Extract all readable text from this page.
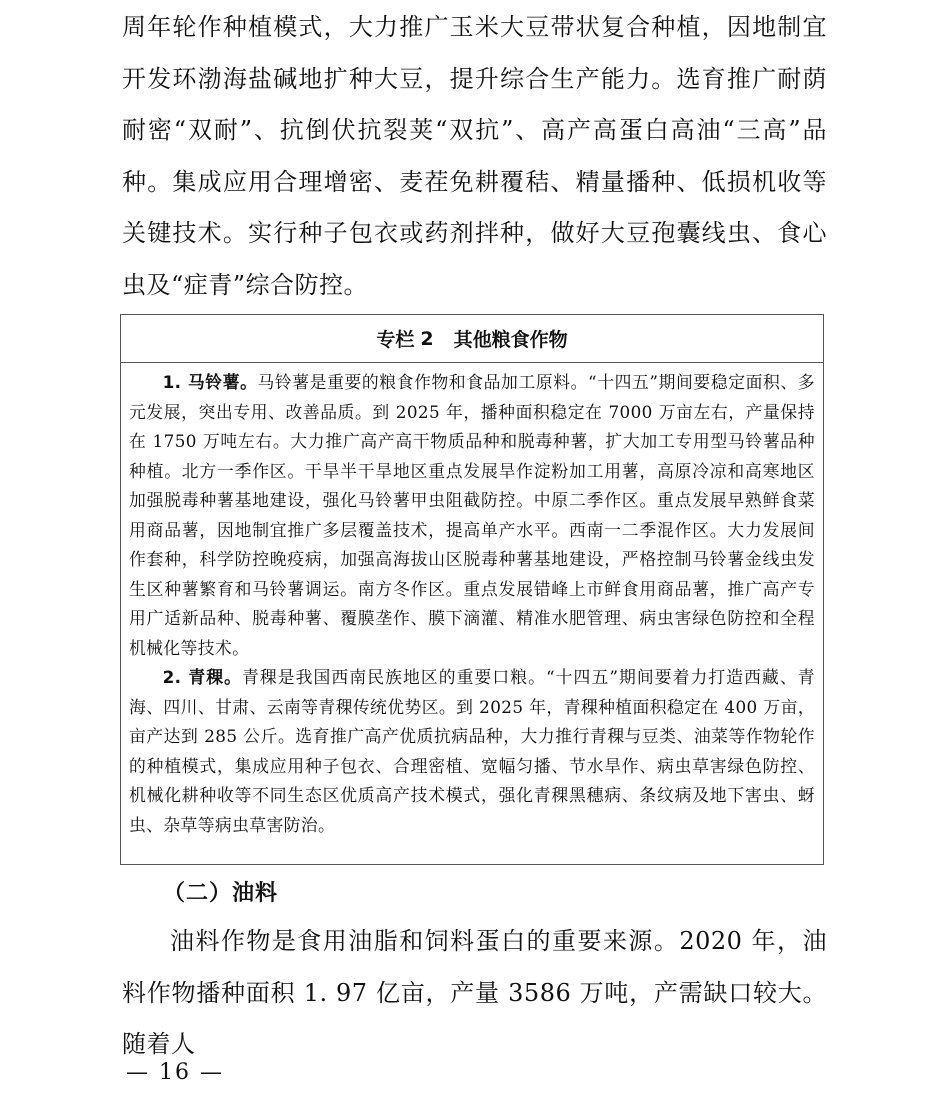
周年轮作种植模式，大力推广玉米大豆带状复合种植，因地制宜开发环渤海盐碱地扩种大豆，提升综合生产能力。选育推广耐荫耐密“双耐”、抗倒伏抗裂荚“双抗”、高产高蛋白高油“三高”品种。集成应用合理增密、麦茬免耕覆秸、精量播种、低损机收等关键技术。实行种子包衣或药剂拌种，做好大豆孢囊线虫、食心虫及“症青”综合防控。

专栏 2 其他粮食作物

1. 马铃薯。马铃薯是重要的粮食作物和食品加工原料。“十四五”期间要稳定面积、多元发展，突出专用、改善品质。到 2025 年，播种面积稳定在 7000 万亩左右，产量保持在 1750 万吨左右。大力推广高产高干物质品种和脱毒种薯，扩大加工专用型马铃薯品种种植。北方一季作区。干旱半干旱地区重点发展旱作淀粉加工用薯，高原冷凉和高寒地区加强脱毒种薯基地建设，强化马铃薯甲虫阻截防控。中原二季作区。重点发展早熟鲜食菜用商品薯，因地制宜推广多层覆盖技术，提高单产水平。西南一二季混作区。大力发展间作套种，科学防控晚疫病，加强高海拔山区脱毒种薯基地建设，严格控制马铃薯金线虫发生区种薯繁育和马铃薯调运。南方冬作区。重点发展错峰上市鲜食用商品薯，推广高产专用广适新品种、脱毒种薯、覆膜垄作、膜下滴灌、精准水肥管理、病虫害绿色防控和全程机械化等技术。

2. 青稞。青稞是我国西南民族地区的重要口粮。“十四五”期间要着力打造西藏、青海、四川、甘肃、云南等青稞传统优势区。到 2025 年，青稞种植面积稳定在 400 万亩，亩产达到 285 公斤。选育推广高产优质抗病品种，大力推行青稞与豆类、油菜等作物轮作的种植模式，集成应用种子包衣、合理密植、宽幅匀播、节水旱作、病虫草害绿色防控、机械化耕种收等不同生态区优质高产技术模式，强化青稞黑穗病、条纹病及地下害虫、蚜虫、杂草等病虫草害防治。

（二）油料

油料作物是食用油脂和饲料蛋白的重要来源。2020 年，油料作物播种面积 1. 97 亿亩，产量 3586 万吨，产需缺口较大。随着人

— 16 —
